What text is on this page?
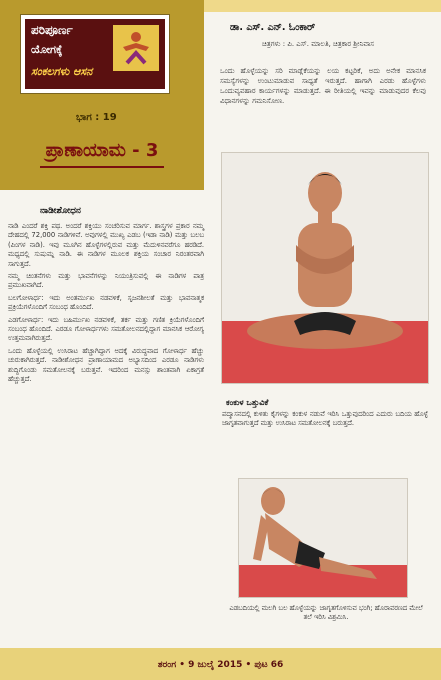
ಪರಿಪೂರ್ಣ
ಯೋಗಕ್ಕೆ
ಸಂಕಲಗಳು ಆಸನ
ಭಾಗ : 19
ಪ್ರಾಣಾಯಾಮ - 3
ಡಾ. ಎಸ್. ಎನ್. ಓಂಕಾರ್
ಚಿತ್ರಗಳು : ಪಿ. ಎಸ್. ಮಾಲತಿ, ಚಿತ್ರಕಾರ ಶ್ರೀನಿವಾಸ
ಒಂದು ಹೊಳ್ಳೆಯನ್ನು ಸರಿ ಮಾಡ್ಲೆಕೆಯನ್ನು ಲಯ ಕಟ್ಟರಿಕೆ, ಅದು ಅನೇಕ ಮಾನಸಿಕ ಸಮಸ್ಯೆಗಳನ್ನು ಉಂಟುಮಾಡುವ ಸಾಧ್ಯತೆ ಇರುತ್ತದೆ. ಹಾಗಾಗಿ ಎರಡು ಹೊಳ್ಳೆಗಳು ಒಂದುವ್ಯವಹಾರ ಕಾರ್ಯಗಳನ್ನು ಮಾಡುತ್ತದೆ. ಈ ರೀತಿಯಲ್ಲಿ ಇವನ್ನು ಮಾಡುವುದರ ಕೆಲವು ವಿಧಾನಗಳನ್ನು ಗಮನಿಸೋಣ.
ನಾಡೀಶೋಧನ

ನಾಡಿ ಎಂದರೆ ಶಕ್ತಿ ಪಥ. ಅಂದರೆ ಶಕ್ತಿಯು ಸಂಚರಿಸುವ ಮಾರ್ಗ. ಶಾಸ್ತ್ರಗಳ ಪ್ರಕಾರ ನಮ್ಮ ದೇಹದಲ್ಲಿ 72,000 ನಾಡಿಗಳಿವೆ. ಅವುಗಳಲ್ಲಿ ಮುಖ್ಯ ಎಡಬ (ಇಡಾ ನಾಡಿ) ಮತ್ತು ಬಲಬ (ಪಿಂಗಳ ನಾಡಿ). ಇವು ಮೂಗಿನ ಹೊಳ್ಳೆಗಳಲ್ಲಿರುವ ಮತ್ತು ಮೆದುಳಿನವರೆಗೂ ಹರಡಿದೆ. ಮಧ್ಯದಲ್ಲಿ ಸುಷುಮ್ನ ನಾಡಿ. ಈ ನಾಡಿಗಳ ಮೂಲಕ ಶಕ್ತಿಯ ಸಂಚಾರ ನಿರಂತರವಾಗಿ ಸಾಗುತ್ತದೆ.

ನಮ್ಮ ಚಿಂತನೆಗಳು ಮತ್ತು ಭಾವನೆಗಳನ್ನು ನಿಯಂತ್ರಿಸುವಲ್ಲಿ ಈ ನಾಡಿಗಳ ಪಾತ್ರ ಪ್ರಮುಖವಾಗಿದೆ.

ಬಲಗೋಳಾರ್ಧ: ಇದು ಅಂತರ್ಮುಖ ನಡವಳಿಕೆ, ಸೃಜನಶೀಲತೆ ಮತ್ತು ಭಾವನಾತ್ಮಕ ಪ್ರಕ್ರಿಯೆಗಳೊಂದಿಗೆ ಸಂಬಂಧ ಹೊಂದಿದೆ.

ಎಡಗೋಳಾರ್ಧ: ಇದು ಬಹಿರ್ಮುಖ ನಡವಳಿಕೆ, ತರ್ಕ ಮತ್ತು ಗಣಿತ ಕ್ರಿಯೆಗಳೊಂದಿಗೆ ಸಂಬಂಧ ಹೊಂದಿದೆ. ಎರಡೂ ಗೋಳಾರ್ಧಗಳು ಸಮತೋಲನದಲ್ಲಿದ್ದಾಗ ಮಾನಸಿಕ ಆರೋಗ್ಯ ಉತ್ತಮವಾಗಿರುತ್ತದೆ.

ಒಂದು ಹೊಳ್ಳೆಯಲ್ಲಿ ಉಸಿರಾಟ ಹೆಚ್ಚಾಗಿದ್ದಾಗ ಅದಕ್ಕೆ ವಿರುದ್ಧವಾದ ಗೋಳಾರ್ಧ ಹೆಚ್ಚು ಚುರುಕಾಗಿರುತ್ತದೆ. ನಾಡೀಶೋಧನ ಪ್ರಾಣಾಯಾಮದ ಅಭ್ಯಾಸದಿಂದ ಎರಡೂ ನಾಡಿಗಳು ಶುದ್ಧಿಗೊಂಡು ಸಮತೋಲನಕ್ಕೆ ಬರುತ್ತವೆ. ಇದರಿಂದ ಮನಸ್ಸು ಶಾಂತವಾಗಿ ಏಕಾಗ್ರತೆ ಹೆಚ್ಚುತ್ತದೆ.

ಕಂಕುಳ ಒತ್ತುವಿಕೆ
ಪದ್ಮಾಸನದಲ್ಲಿ ಕುಳಿತು ಕೈಗಳನ್ನು ಕಂಕುಳ ನಡುವೆ ಇರಿಸಿ ಒತ್ತುವುದರಿಂದ ಎದುರು ಬದಿಯ ಹೊಳ್ಳೆ ಜಾಗೃತವಾಗುತ್ತದೆ ಮತ್ತು ಉಸಿರಾಟ ಸಮತೋಲನಕ್ಕೆ ಬರುತ್ತದೆ.
ಎಡಬದಿಯಲ್ಲಿ ಮಲಗಿ ಬಲ ಹೊಳ್ಳೆಯನ್ನು ಜಾಗೃತಗೊಳಿಸುವ ಭಂಗಿ; ಹೊರಾವರಣದ ಮೇಲೆ ತಲೆ ಇರಿಸಿ ವಿಶ್ರಮಿಸಿ.
ತರಂಗ • 9 ಜುಲೈ 2015 • ಪುಟ 66
